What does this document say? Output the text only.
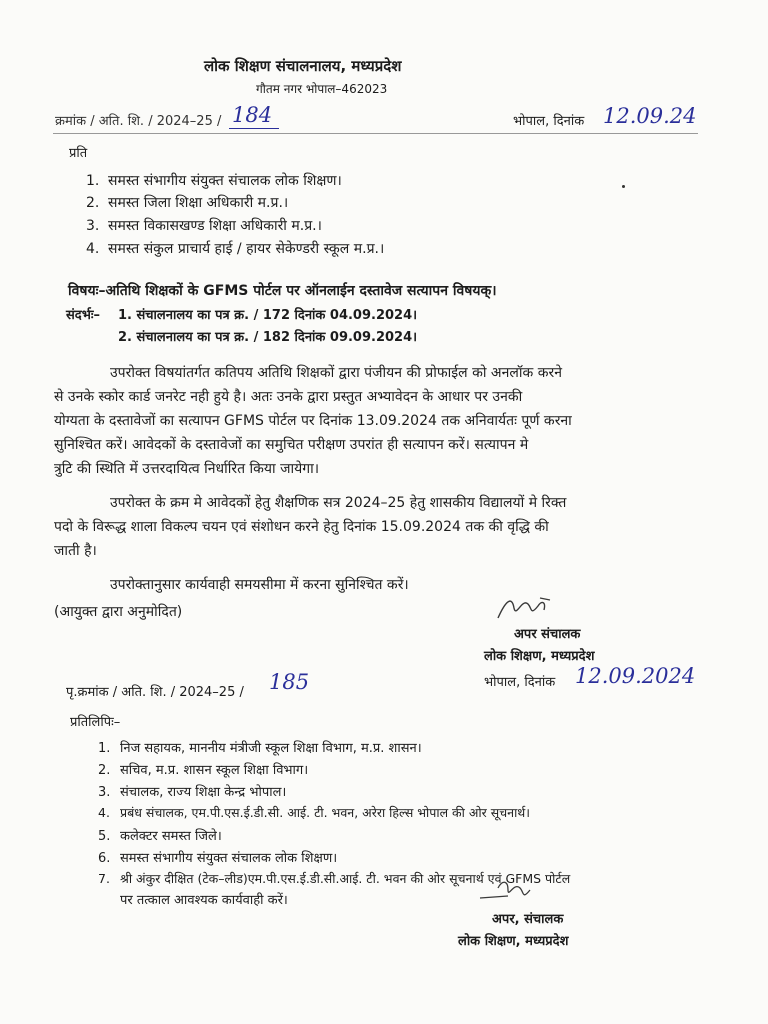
लोक शिक्षण संचालनालय, मध्यप्रदेश
गौतम नगर भोपाल–462023
क्रमांक / अति. शि. / 2024–25 / 184	भोपाल, दिनांक 12.09.24
प्रति
1. समस्त संभागीय संयुक्त संचालक लोक शिक्षण।
2. समस्त जिला शिक्षा अधिकारी म.प्र.।
3. समस्त विकासखण्ड शिक्षा अधिकारी म.प्र.।
4. समस्त संकुल प्राचार्य हाई / हायर सेकेण्डरी स्कूल म.प्र.।
विषयः–अतिथि शिक्षकों के GFMS पोर्टल पर ऑनलाईन दस्तावेज सत्यापन विषयक्।
संदर्भः– 1. संचालनालय का पत्र क्र. / 172 दिनांक 04.09.2024।
2. संचालनालय का पत्र क्र. / 182 दिनांक 09.09.2024।
उपरोक्त विषयांतर्गत कतिपय अतिथि शिक्षकों द्वारा पंजीयन की प्रोफाईल को अनलॉक करने
से उनके स्कोर कार्ड जनरेट नही हुये है। अतः उनके द्वारा प्रस्तुत अभ्यावेदन के आधार पर उनकी
योग्यता के दस्तावेजों का सत्यापन GFMS पोर्टल पर दिनांक 13.09.2024 तक अनिवार्यतः पूर्ण करना
सुनिश्चित करें। आवेदकों के दस्तावेजों का समुचित परीक्षण उपरांत ही सत्यापन करें। सत्यापन मे
त्रुटि की स्थिति में उत्तरदायित्व निर्धारित किया जायेगा।
उपरोक्त के क्रम मे आवेदकों हेतु शैक्षणिक सत्र 2024–25 हेतु शासकीय विद्यालयों मे रिक्त
पदो के विरूद्ध शाला विकल्प चयन एवं संशोधन करने हेतु दिनांक 15.09.2024 तक की वृद्धि की
जाती है।
उपरोक्तानुसार कार्यवाही समयसीमा में करना सुनिश्चित करें।
(आयुक्त द्वारा अनुमोदित)
अपर संचालक
लोक शिक्षण, मध्यप्रदेश
पृ.क्रमांक / अति. शि. / 2024–25 / 185	भोपाल, दिनांक 12.09.2024
प्रतिलिपिः–
1. निज सहायक, माननीय मंत्रीजी स्कूल शिक्षा विभाग, म.प्र. शासन।
2. सचिव, म.प्र. शासन स्कूल शिक्षा विभाग।
3. संचालक, राज्य शिक्षा केन्द्र भोपाल।
4. प्रबंध संचालक, एम.पी.एस.ई.डी.सी. आई. टी. भवन, अरेरा हिल्स भोपाल की ओर सूचनार्थ।
5. कलेक्टर समस्त जिले।
6. समस्त संभागीय संयुक्त संचालक लोक शिक्षण।
7. श्री अंकुर दीक्षित (टेक–लीड)एम.पी.एस.ई.डी.सी.आई. टी. भवन की ओर सूचनार्थ एवं GFMS पोर्टल
पर तत्काल आवश्यक कार्यवाही करें।
अपर, संचालक
लोक शिक्षण, मध्यप्रदेश
